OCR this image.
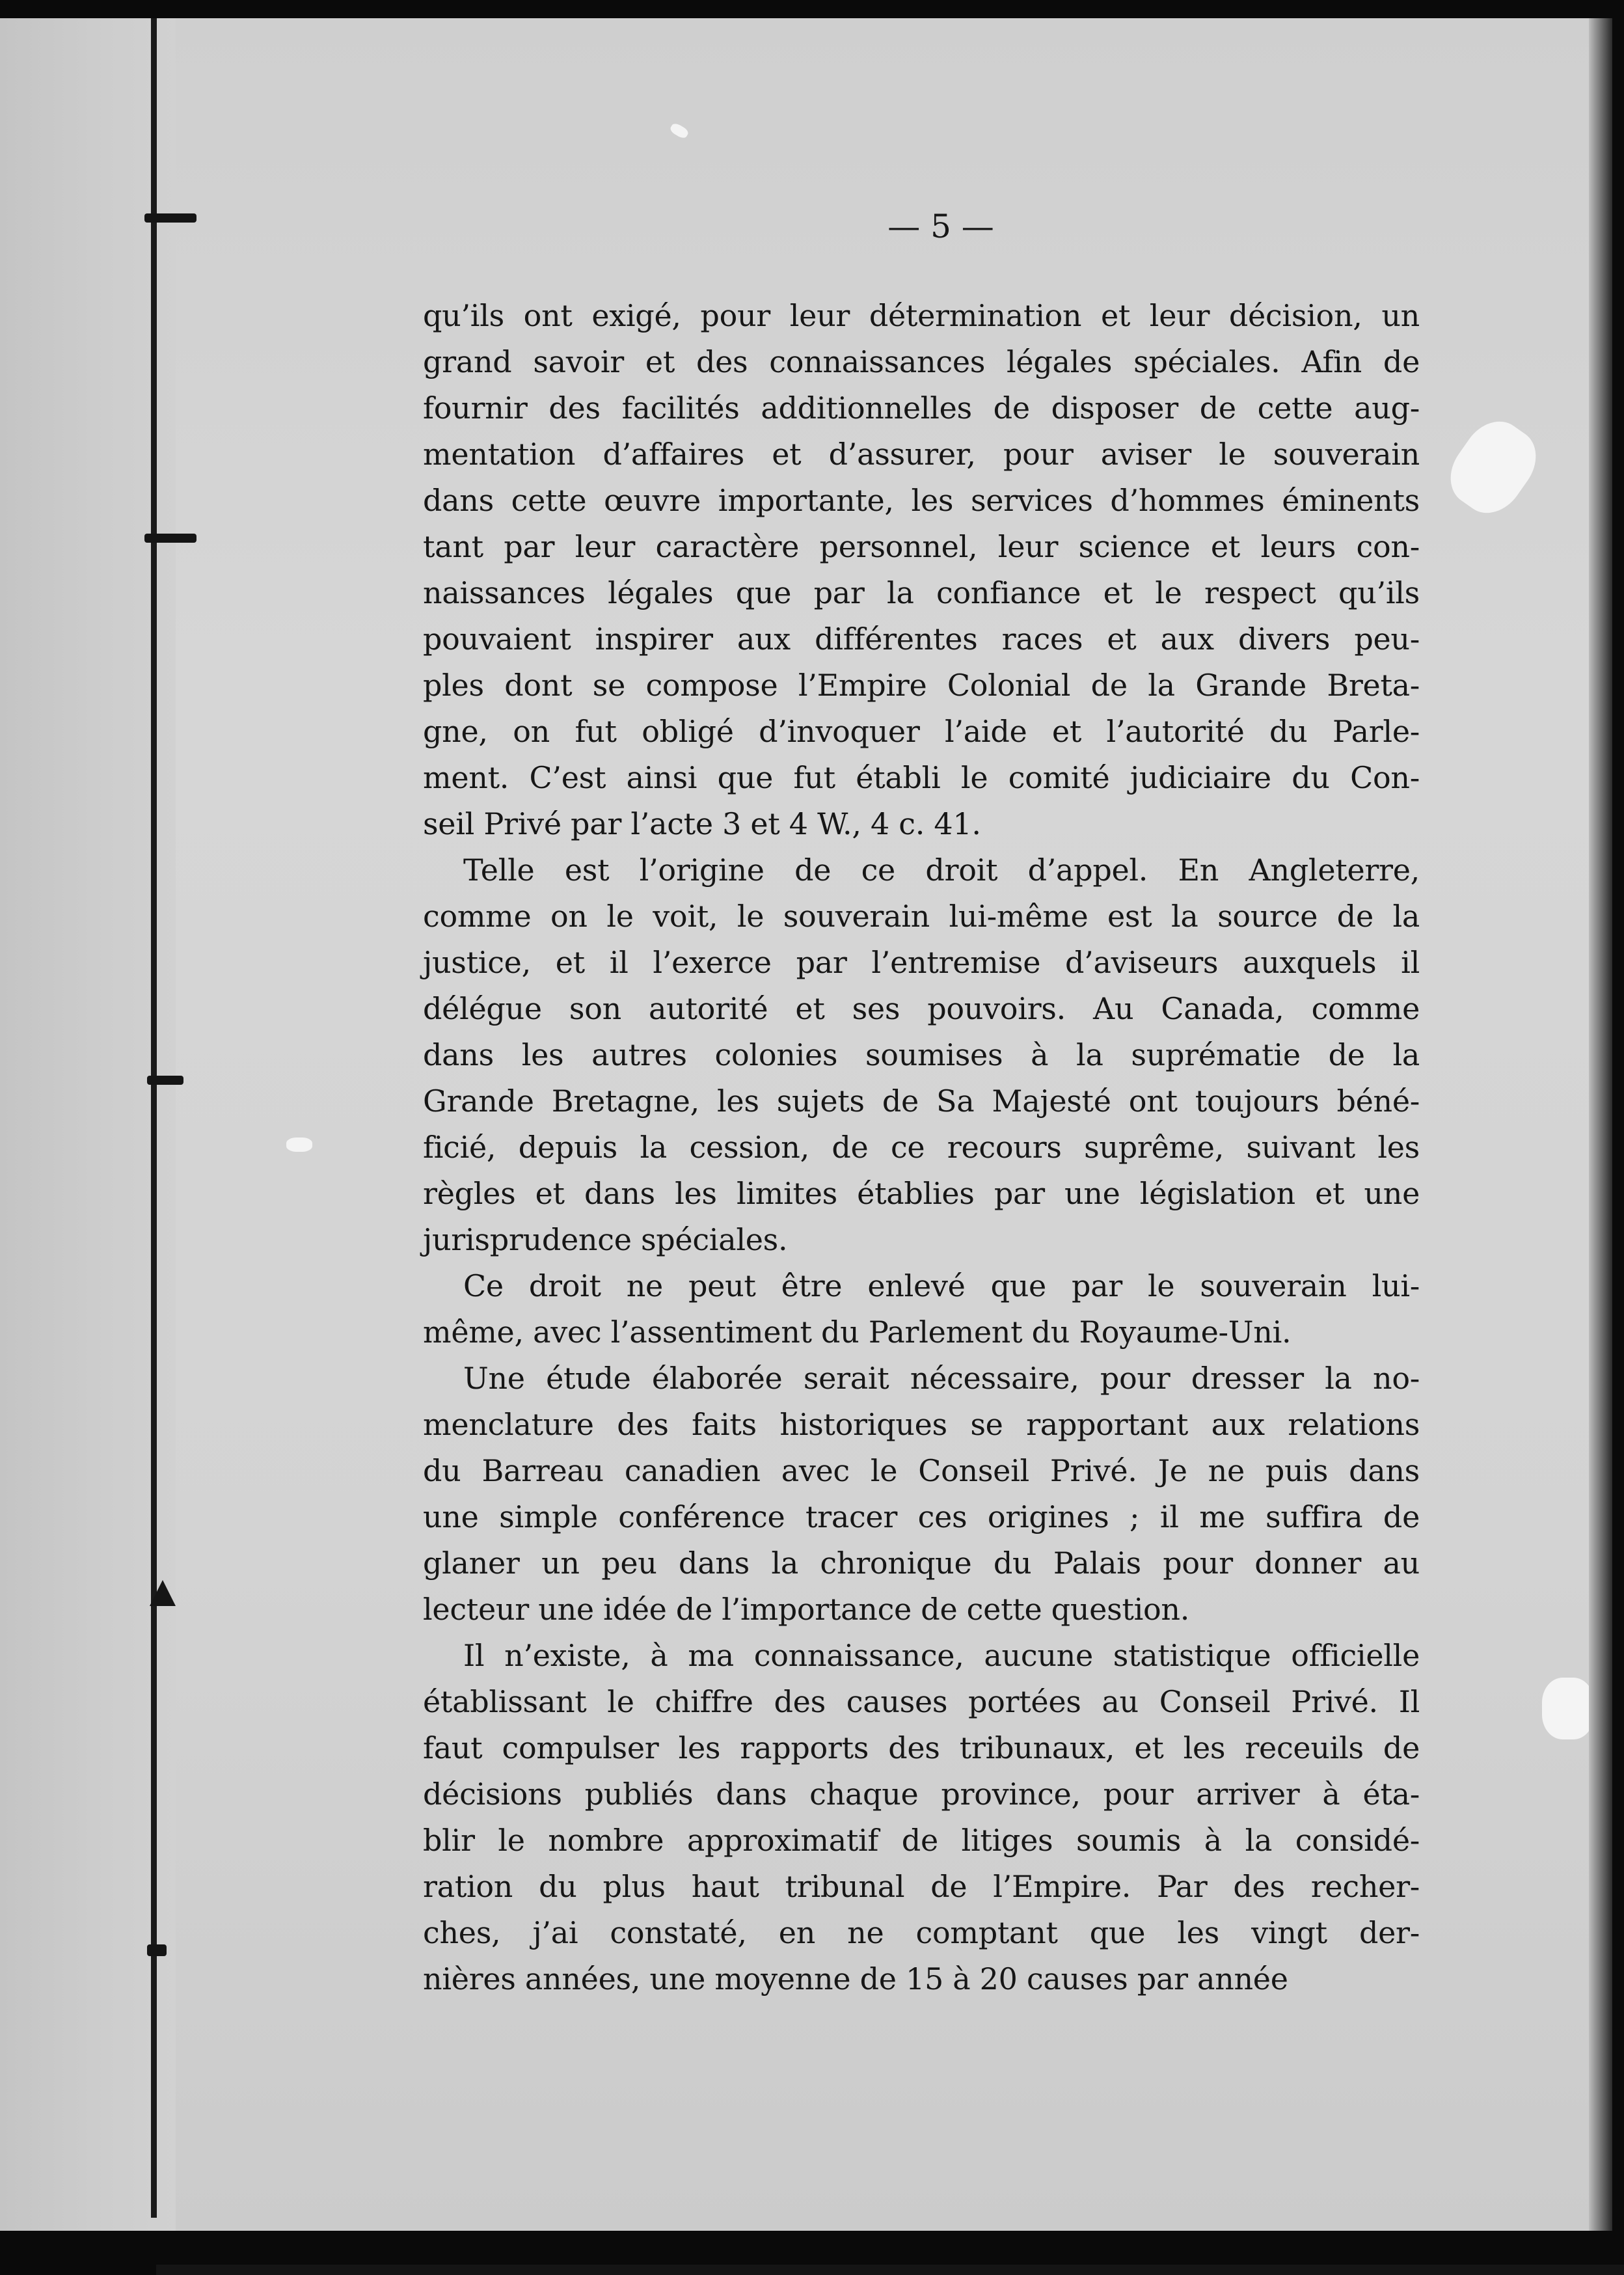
— 5 —
qu’ils ont exigé, pour leur détermination et leur décision, un
grand savoir et des connaissances légales spéciales. Afin de
fournir des facilités additionnelles de disposer de cette aug-
mentation d’affaires et d’assurer, pour aviser le souverain
dans cette œuvre importante, les services d’hommes éminents
tant par leur caractère personnel, leur science et leurs con-
naissances légales que par la confiance et le respect qu’ils
pouvaient inspirer aux différentes races et aux divers peu-
ples dont se compose l’Empire Colonial de la Grande Breta-
gne, on fut obligé d’invoquer l’aide et l’autorité du Parle-
ment. C’est ainsi que fut établi le comité judiciaire du Con-
seil Privé par l’acte 3 et 4 W., 4 c. 41.
Telle est l’origine de ce droit d’appel. En Angleterre,
comme on le voit, le souverain lui-même est la source de la
justice, et il l’exerce par l’entremise d’aviseurs auxquels il
délégue son autorité et ses pouvoirs. Au Canada, comme
dans les autres colonies soumises à la suprématie de la
Grande Bretagne, les sujets de Sa Majesté ont toujours béné-
ficié, depuis la cession, de ce recours suprême, suivant les
règles et dans les limites établies par une législation et une
jurisprudence spéciales.
Ce droit ne peut être enlevé que par le souverain lui-
même, avec l’assentiment du Parlement du Royaume-Uni.
Une étude élaborée serait nécessaire, pour dresser la no-
menclature des faits historiques se rapportant aux relations
du Barreau canadien avec le Conseil Privé. Je ne puis dans
une simple conférence tracer ces origines ; il me suffira de
glaner un peu dans la chronique du Palais pour donner au
lecteur une idée de l’importance de cette question.
Il n’existe, à ma connaissance, aucune statistique officielle
établissant le chiffre des causes portées au Conseil Privé. Il
faut compulser les rapports des tribunaux, et les receuils de
décisions publiés dans chaque province, pour arriver à éta-
blir le nombre approximatif de litiges soumis à la considé-
ration du plus haut tribunal de l’Empire. Par des recher-
ches, j’ai constaté, en ne comptant que les vingt der-
nières années, une moyenne de 15 à 20 causes par année
